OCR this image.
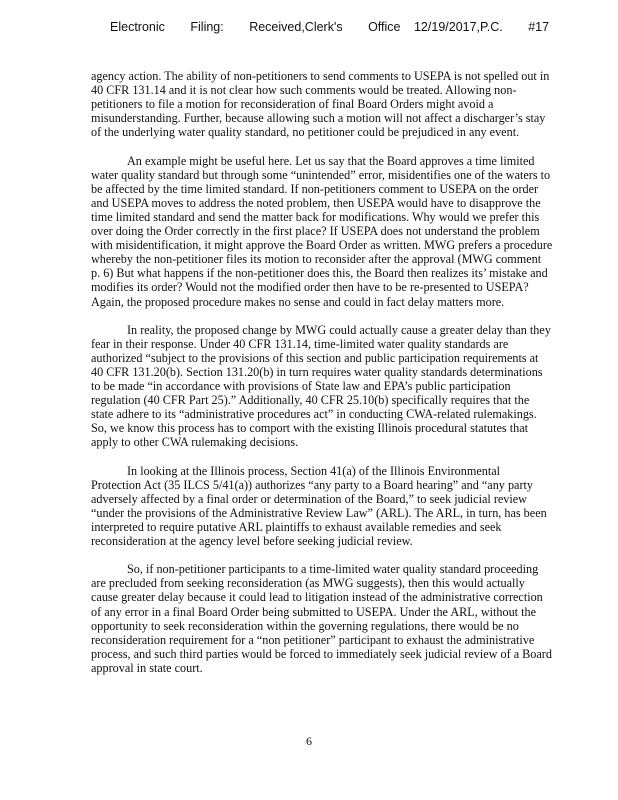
Electronic Filing: Received,Clerk's Office 12/19/2017,P.C. #17

agency action. The ability of non-petitioners to send comments to USEPA is not spelled out in 40 CFR 131.14 and it is not clear how such comments would be treated. Allowing non-petitioners to file a motion for reconsideration of final Board Orders might avoid a misunderstanding. Further, because allowing such a motion will not affect a discharger’s stay of the underlying water quality standard, no petitioner could be prejudiced in any event.

An example might be useful here. Let us say that the Board approves a time limited water quality standard but through some “unintended” error, misidentifies one of the waters to be affected by the time limited standard. If non-petitioners comment to USEPA on the order and USEPA moves to address the noted problem, then USEPA would have to disapprove the time limited standard and send the matter back for modifications. Why would we prefer this over doing the Order correctly in the first place? If USEPA does not understand the problem with misidentification, it might approve the Board Order as written. MWG prefers a procedure whereby the non-petitioner files its motion to reconsider after the approval (MWG comment p. 6) But what happens if the non-petitioner does this, the Board then realizes its’ mistake and modifies its order? Would not the modified order then have to be re-presented to USEPA? Again, the proposed procedure makes no sense and could in fact delay matters more.

In reality, the proposed change by MWG could actually cause a greater delay than they fear in their response. Under 40 CFR 131.14, time-limited water quality standards are authorized “subject to the provisions of this section and public participation requirements at 40 CFR 131.20(b). Section 131.20(b) in turn requires water quality standards determinations to be made “in accordance with provisions of State law and EPA’s public participation regulation (40 CFR Part 25).” Additionally, 40 CFR 25.10(b) specifically requires that the state adhere to its “administrative procedures act” in conducting CWA-related rulemakings. So, we know this process has to comport with the existing Illinois procedural statutes that apply to other CWA rulemaking decisions.

In looking at the Illinois process, Section 41(a) of the Illinois Environmental Protection Act (35 ILCS 5/41(a)) authorizes “any party to a Board hearing” and “any party adversely affected by a final order or determination of the Board,” to seek judicial review “under the provisions of the Administrative Review Law” (ARL). The ARL, in turn, has been interpreted to require putative ARL plaintiffs to exhaust available remedies and seek reconsideration at the agency level before seeking judicial review.

So, if non-petitioner participants to a time-limited water quality standard proceeding are precluded from seeking reconsideration (as MWG suggests), then this would actually cause greater delay because it could lead to litigation instead of the administrative correction of any error in a final Board Order being submitted to USEPA. Under the ARL, without the opportunity to seek reconsideration within the governing regulations, there would be no reconsideration requirement for a “non petitioner” participant to exhaust the administrative process, and such third parties would be forced to immediately seek judicial review of a Board approval in state court.

6
